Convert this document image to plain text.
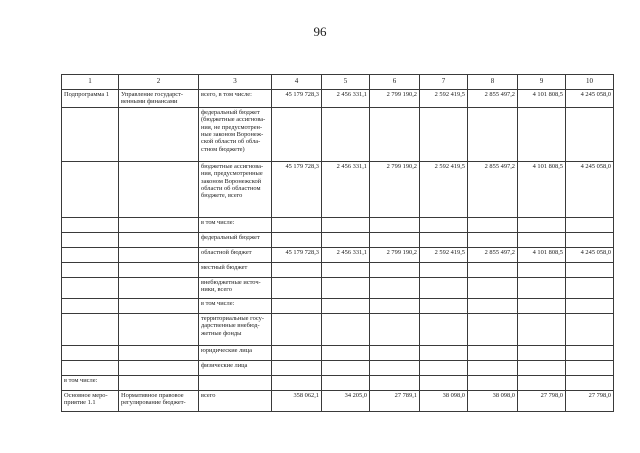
96
1	2	3	4	5	6	7	8	9	10
Подпрограмма 1	Управление государст-венными финансами	всего, в том числе:	45 179 728,3	2 456 331,1	2 799 190,2	2 592 419,5	2 855 497,2	4 101 808,5	4 245 058,0
		федеральный бюджет (бюджетные ассигнова-ния, не предусмотрен-ные законом Воронеж-ской области об обла-стном бюджете)							
		бюджетные ассигнова-ния, предусмотренные законом Воронежской области об областном бюджете, всего	45 179 728,3	2 456 331,1	2 799 190,2	2 592 419,5	2 855 497,2	4 101 808,5	4 245 058,0
		в том числе:							
		федеральный бюджет							
		областной бюджет	45 179 728,3	2 456 331,1	2 799 190,2	2 592 419,5	2 855 497,2	4 101 808,5	4 245 058,0
		местный бюджет							
		внебюджетные источ-ники, всего							
		в том числе:							
		территориальные госу-дарственные внебюд-жетные фонды							
		юридические лица							
		физические лица							
в том числе:									
Основное меро-приятие 1.1	Нормативное правовое регулирование бюджет-	всего	358 062,1	34 205,0	27 789,1	38 098,0	38 098,0	27 798,0	27 798,0
